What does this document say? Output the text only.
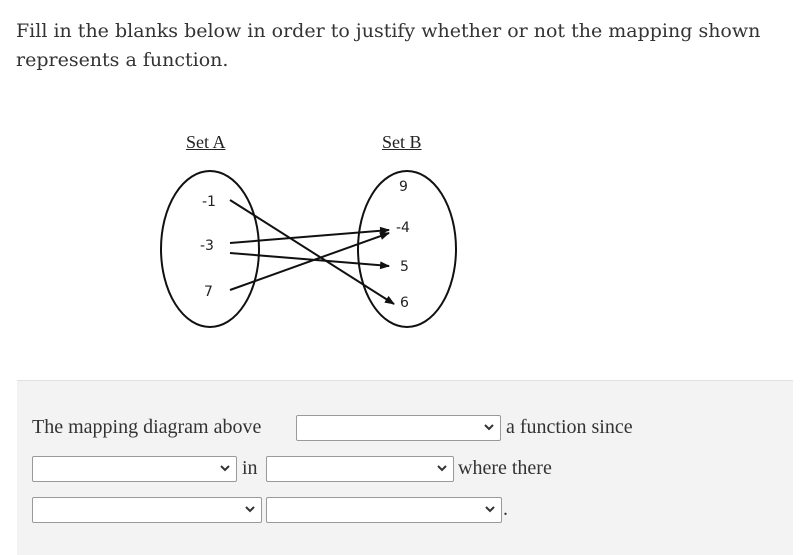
Fill in the blanks below in order to justify whether or not the mapping shown
represents a function.
Set A	Set B
-1
-3
7
9
-4
5
6
The mapping diagram above	a function since
in	where there
.
